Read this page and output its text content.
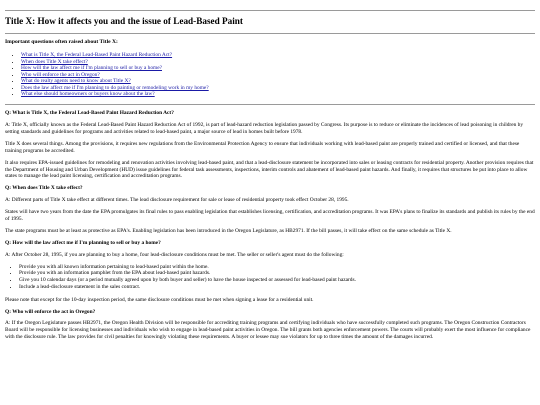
Title X: How it affects you and the issue of Lead-Based Paint
Important questions often raised about Title X:
• What is Title X, the Federal Lead-Based Paint Hazard Reduction Act?
• When does Title X take effect?
• How will the law affect me if I'm planning to sell or buy a home?
• Who will enforce the act in Oregon?
• What do realty agents need to know about Title X?
• Does the law affect me if I'm planning to do painting or remodeling work in my home?
• What else should homeowners or buyers know about the law?
Q: What is Title X, the Federal Lead-Based Paint Hazard Reduction Act?

A: Title X, officially known as the Federal Lead-Based Paint Hazard Reduction Act of 1992, is part of lead-hazard reduction legislation passed by Congress. Its purpose is to reduce or eliminate the incidences of lead poisoning in children by setting standards and guidelines for programs and activities related to lead-based paint, a major source of lead in homes built before 1978.

Title X does several things. Among the provisions, it requires new regulations from the Environmental Protection Agency to ensure that individuals working with lead-based paint are properly trained and certified or licensed, and that these training programs be accredited.

It also requires EPA-issued guidelines for remodeling and renovation activities involving lead-based paint, and that a lead-disclosure statement be incorporated into sales or leasing contracts for residential property. Another provision requires that the Department of Housing and Urban Development (HUD) issue guidelines for federal task assessments, inspections, interim controls and abatement of lead-based paint hazards. And finally, it requires that structures be put into place to allow states to manage the lead paint licensing, certification and accreditation programs.

Q: When does Title X take effect?

A: Different parts of Title X take effect at different times. The lead disclosure requirement for sale or lease of residential property took effect October 28, 1995.

States will have two years from the date the EPA promulgates its final rules to pass enabling legislation that establishes licensing, certification, and accreditation programs. It was EPA's plans to finalize its standards and publish its rules by the end of 1995.

The state programs must be at least as protective as EPA's. Enabling legislation has been introduced in the Oregon Legislature, as HB2971. If the bill passes, it will take effect on the same schedule as Title X.

Q: How will the law affect me if I'm planning to sell or buy a home?

A: After October 28, 1995, if you are planning to buy a home, four lead-disclosure conditions must be met. The seller or seller's agent must do the following:

• Provide you with all known information pertaining to lead-based paint within the home.
• Provide you with an information pamphlet from the EPA about lead-based paint hazards.
• Give you 10 calendar days (or a period mutually agreed upon by both buyer and seller) to have the house inspected or assessed for lead-based paint hazards.
• Include a lead-disclosure statement in the sales contract.

Please note that except for the 10-day inspection period, the same disclosure conditions must be met when signing a lease for a residential unit.

Q: Who will enforce the act in Oregon?

A: If the Oregon Legislature passes HB2971, the Oregon Health Division will be responsible for accrediting training programs and certifying individuals who have successfully completed such programs. The Oregon Construction Contractors Board will be responsible for licensing businesses and individuals who wish to engage in lead-based paint activities in Oregon. The bill grants both agencies enforcement powers. The courts will probably exert the most influence for compliance with the disclosure rule. The law provides for civil penalties for knowingly violating these requirements. A buyer or lessee may sue violators for up to three times the amount of the damages incurred.
